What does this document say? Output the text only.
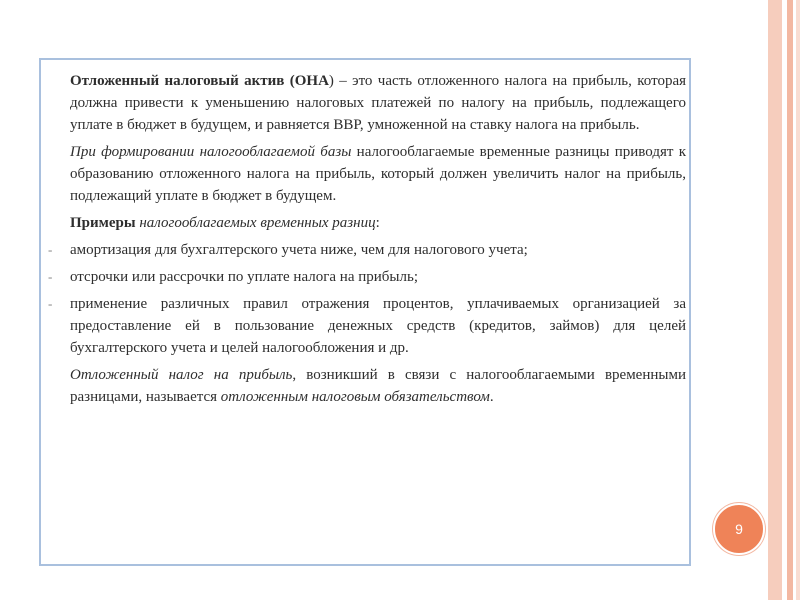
Отложенный налоговый актив (ОНА) – это часть отложенного налога на прибыль, которая должна привести к уменьшению налоговых платежей по налогу на прибыль, подлежащего уплате в бюджет в будущем, и равняется ВВР, умноженной на ставку налога на прибыль.

При формировании налогооблагаемой базы налогооблагаемые временные разницы приводят к образованию отложенного налога на прибыль, который должен увеличить налог на прибыль, подлежащий уплате в бюджет в будущем.

Примеры налогооблагаемых временных разниц:

- амортизация для бухгалтерского учета ниже, чем для налогового учета;

- отсрочки или рассрочки по уплате налога на прибыль;

- применение различных правил отражения процентов, уплачиваемых организацией за предоставление ей в пользование денежных средств (кредитов, займов) для целей бухгалтерского учета и целей налогообложения и др.

Отложенный налог на прибыль, возникший в связи с налогооблагаемыми временными разницами, называется отложенным налоговым обязательством.

9
